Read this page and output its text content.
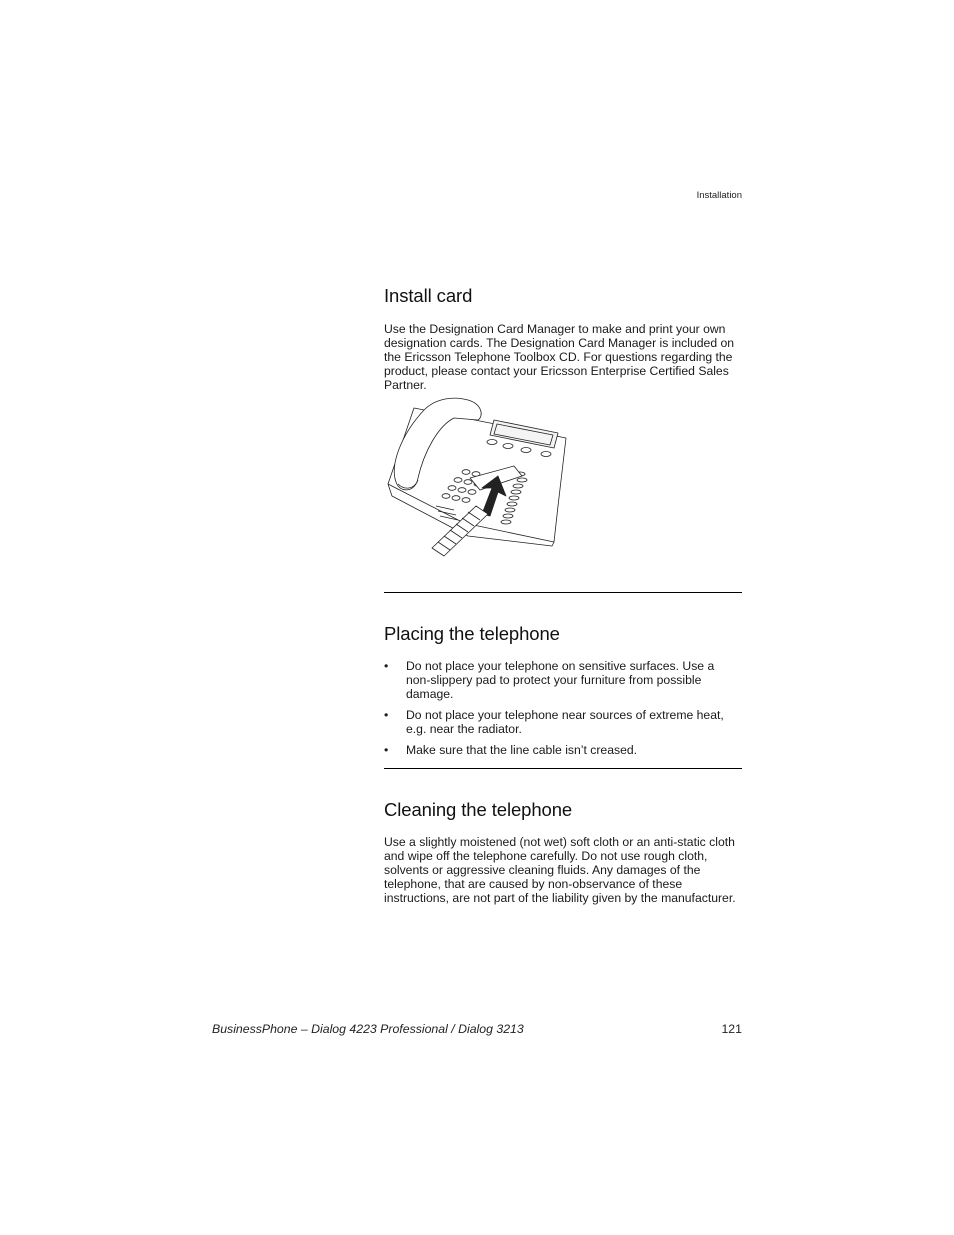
Installation
Install card

Use the Designation Card Manager to make and print your own designation cards. The Designation Card Manager is included on the Ericsson Telephone Toolbox CD. For questions regarding the product, please contact your Ericsson Enterprise Certified Sales Partner.

Placing the telephone
• Do not place your telephone on sensitive surfaces. Use a non-slippery pad to protect your furniture from possible damage.
• Do not place your telephone near sources of extreme heat, e.g. near the radiator.
• Make sure that the line cable isn’t creased.
Cleaning the telephone

Use a slightly moistened (not wet) soft cloth or an anti-static cloth and wipe off the telephone carefully. Do not use rough cloth, solvents or aggressive cleaning fluids. Any damages of the telephone, that are caused by non-observance of these instructions, are not part of the liability given by the manufacturer.

BusinessPhone – Dialog 4223 Professional / Dialog 3213	121
